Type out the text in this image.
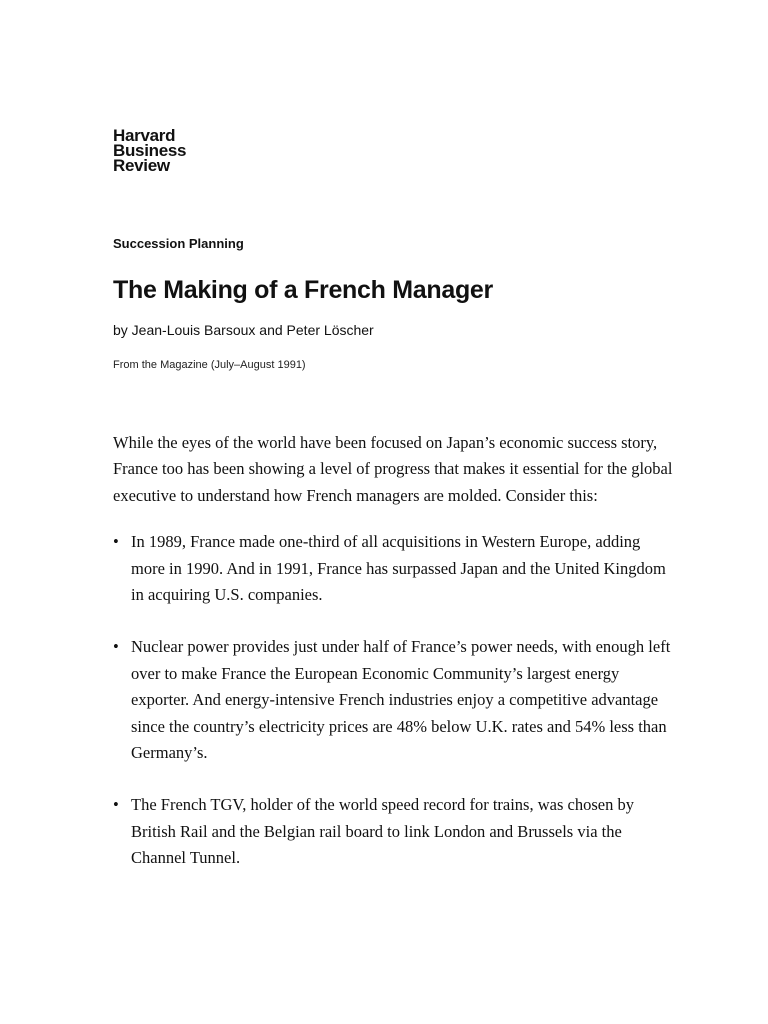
Harvard
Business
Review
Succession Planning
The Making of a French Manager
by Jean-Louis Barsoux and Peter Löscher
From the Magazine (July–August 1991)

While the eyes of the world have been focused on Japan’s economic success story, France too has been showing a level of progress that makes it essential for the global executive to understand how French managers are molded. Consider this:

• In 1989, France made one-third of all acquisitions in Western Europe, adding more in 1990. And in 1991, France has surpassed Japan and the United Kingdom in acquiring U.S. companies.
• Nuclear power provides just under half of France’s power needs, with enough left over to make France the European Economic Community’s largest energy exporter. And energy-intensive French industries enjoy a competitive advantage since the country’s electricity prices are 48% below U.K. rates and 54% less than Germany’s.
• The French TGV, holder of the world speed record for trains, was chosen by British Rail and the Belgian rail board to link London and Brussels via the Channel Tunnel.
